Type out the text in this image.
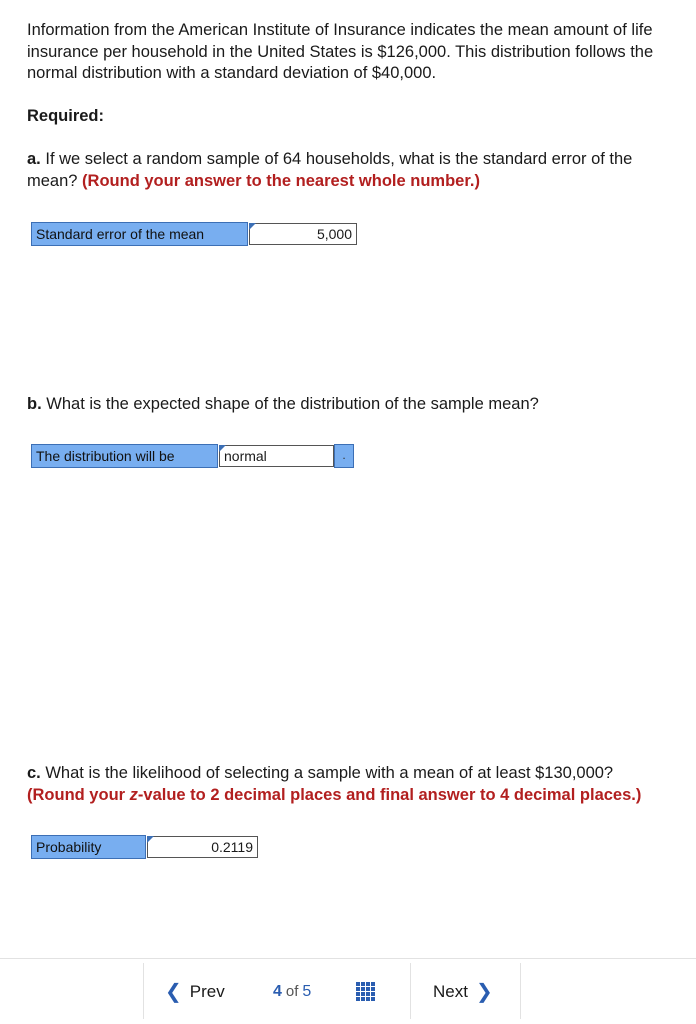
Information from the American Institute of Insurance indicates the mean amount of life insurance per household in the United States is $126,000. This distribution follows the normal distribution with a standard deviation of $40,000.

Required:

a. If we select a random sample of 64 households, what is the standard error of the mean? (Round your answer to the nearest whole number.)

Standard error of the mean	5,000

b. What is the expected shape of the distribution of the sample mean?

The distribution will be	normal	.

c. What is the likelihood of selecting a sample with a mean of at least $130,000?
(Round your z-value to 2 decimal places and final answer to 4 decimal places.)

Probability	0.2119
❮ Prev	4 of 5	Next ❯
